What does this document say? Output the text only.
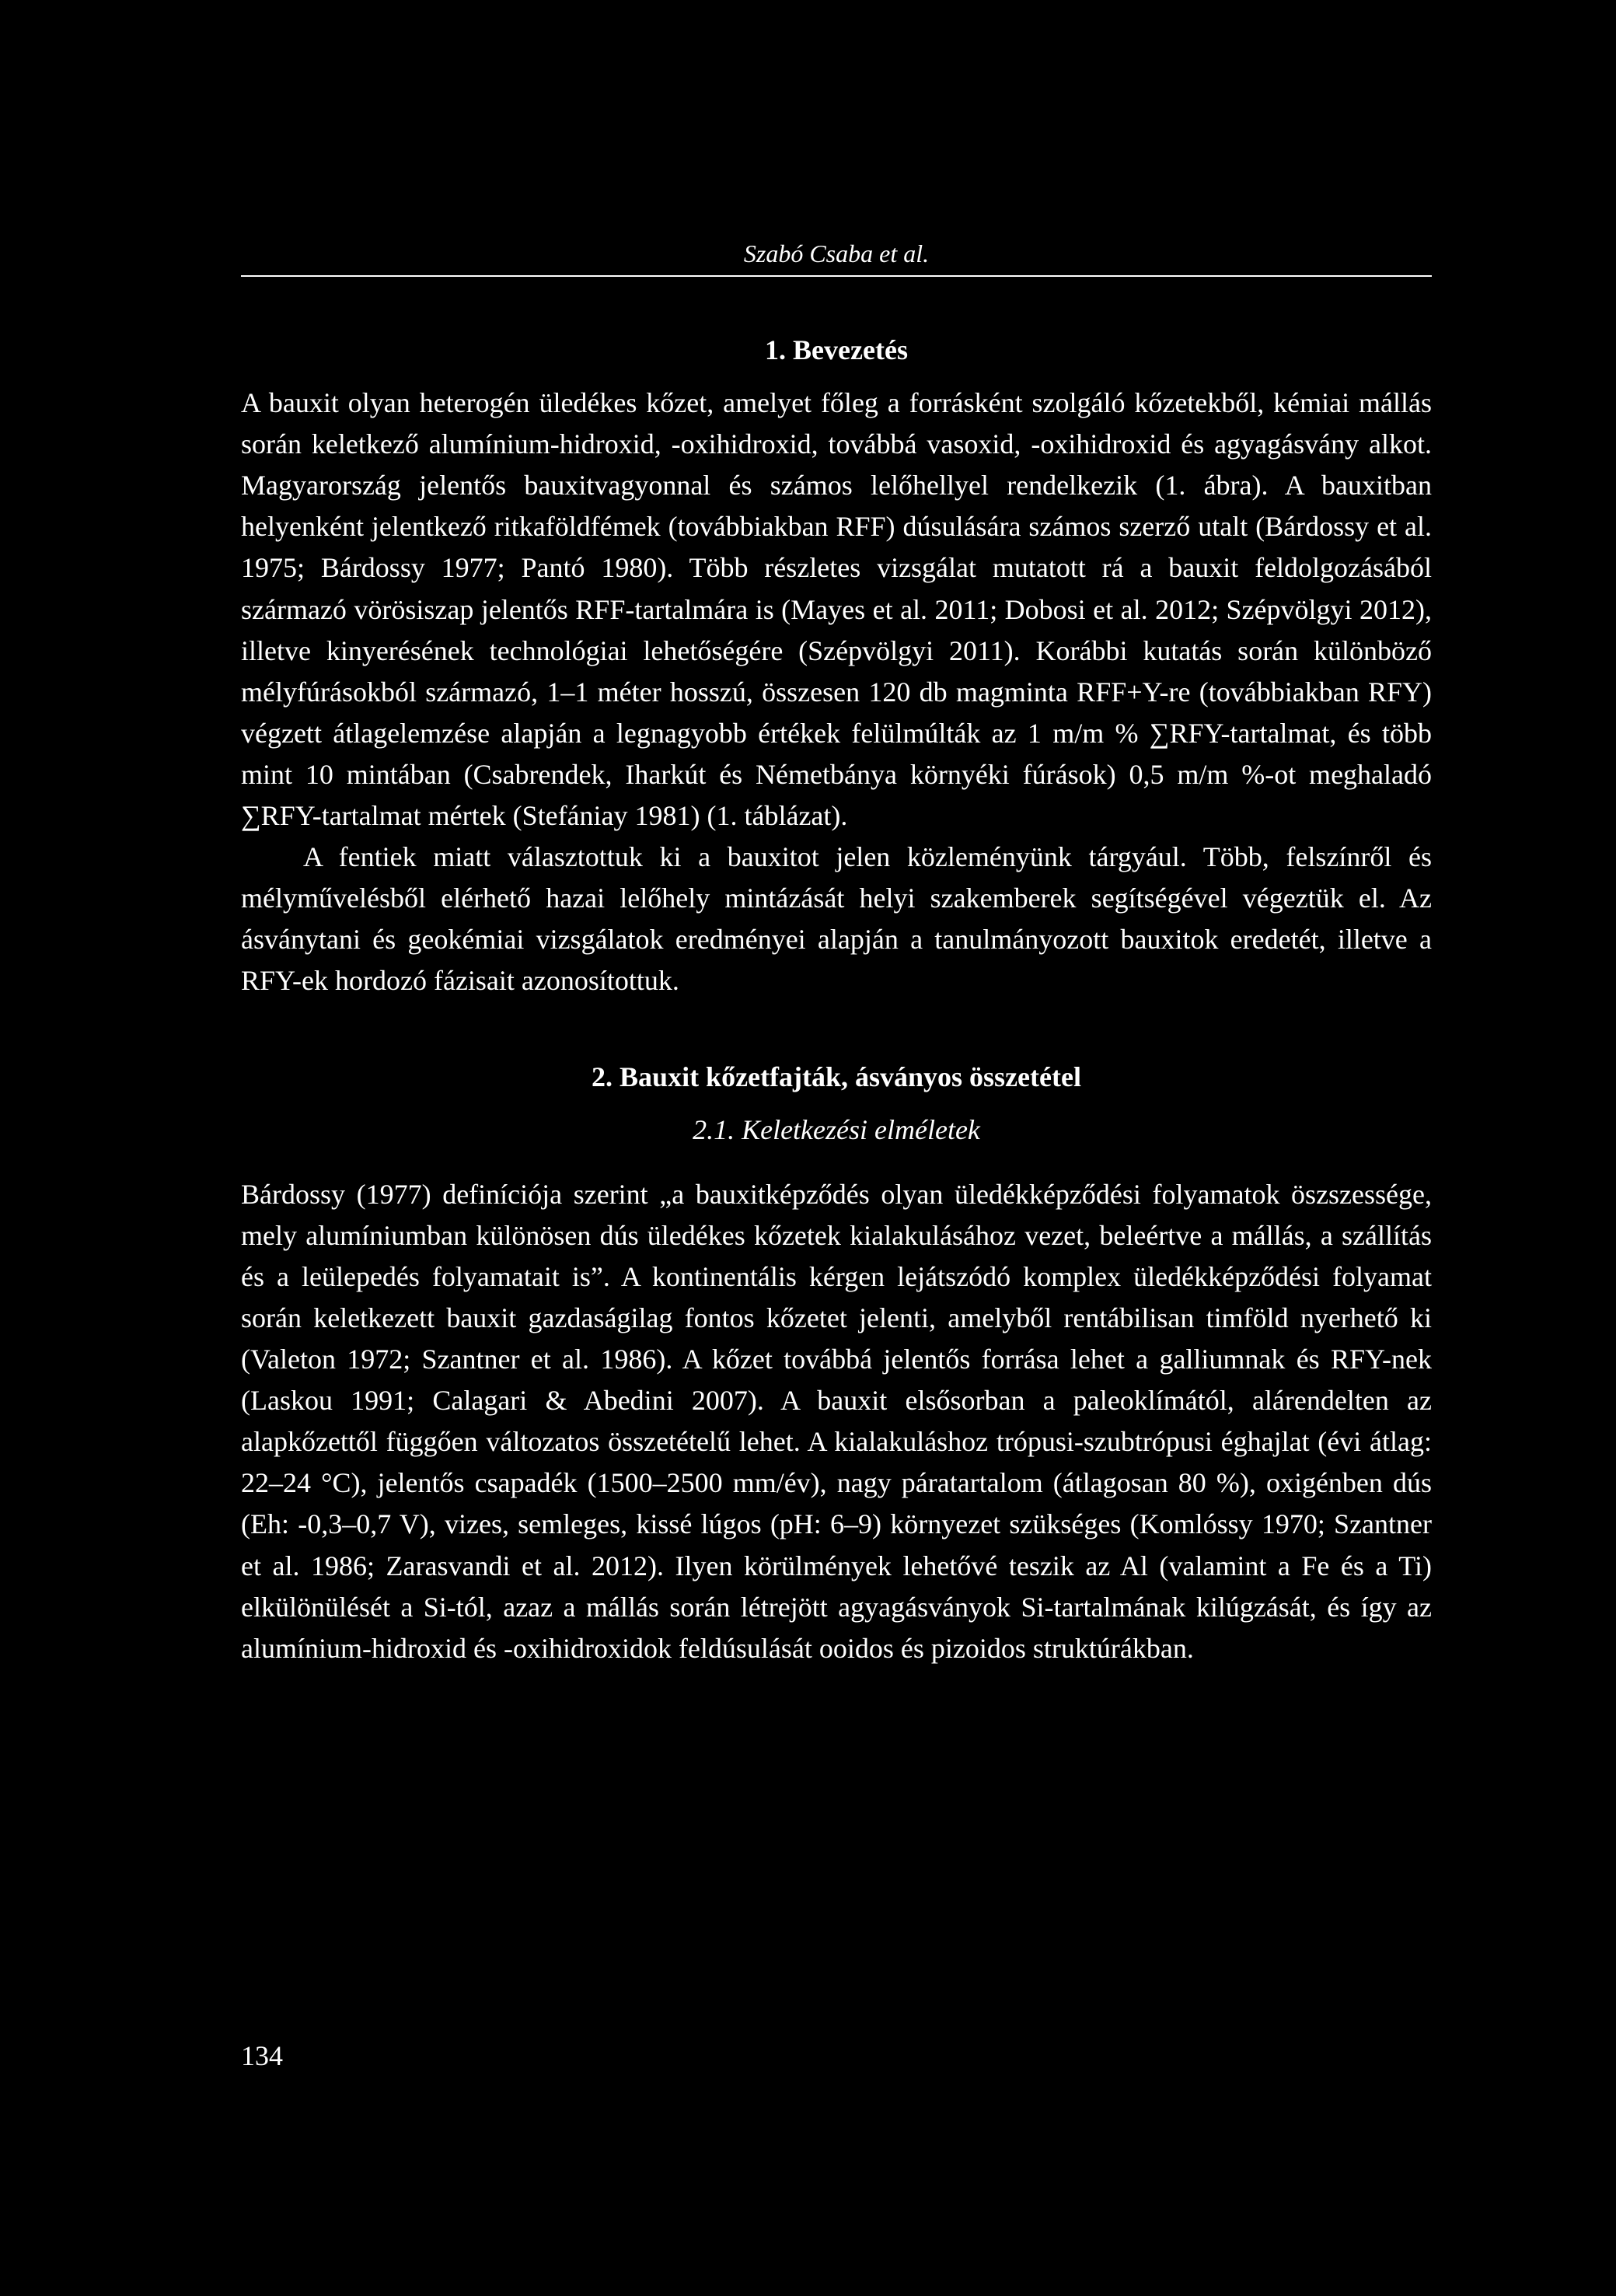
Szabó Csaba et al.
1. Bevezetés

A bauxit olyan heterogén üledékes kőzet, amelyet főleg a forrásként szolgáló kőzetekből, kémiai mállás során keletkező alumínium-hidroxid, -oxihidroxid, továbbá vasoxid, -oxihidroxid és agyagásvány alkot. Magyarország jelentős bauxitvagyonnal és számos lelőhellyel rendelkezik (1. ábra). A bauxitban helyenként jelentkező ritkaföldfémek (továbbiakban RFF) dúsulására számos szerző utalt (Bárdossy et al. 1975; Bárdossy 1977; Pantó 1980). Több részletes vizsgálat mutatott rá a bauxit feldolgozásából származó vörösiszap jelentős RFF-tartalmára is (Mayes et al. 2011; Dobosi et al. 2012; Szépvölgyi 2012), illetve kinyerésének technológiai lehetőségére (Szépvölgyi 2011). Korábbi kutatás során különböző mélyfúrásokból származó, 1–1 méter hosszú, összesen 120 db magminta RFF+Y-re (továbbiakban RFY) végzett átlagelemzése alapján a legnagyobb értékek felülmúlták az 1 m/m % ∑RFY-tartalmat, és több mint 10 mintában (Csabrendek, Iharkút és Németbánya környéki fúrások) 0,5 m/m %-ot meghaladó ∑RFY-tartalmat mértek (Stefániay 1981) (1. táblázat).

A fentiek miatt választottuk ki a bauxitot jelen közleményünk tárgyául. Több, felszínről és mélyművelésből elérhető hazai lelőhely mintázását helyi szakemberek segítségével végeztük el. Az ásványtani és geokémiai vizsgálatok eredményei alapján a tanulmányozott bauxitok eredetét, illetve a RFY-ek hordozó fázisait azonosítottuk.

2. Bauxit kőzetfajták, ásványos összetétel
2.1. Keletkezési elméletek

Bárdossy (1977) definíciója szerint „a bauxitképződés olyan üledékképződési folyamatok öszszessége, mely alumíniumban különösen dús üledékes kőzetek kialakulásához vezet, beleértve a mállás, a szállítás és a leülepedés folyamatait is”. A kontinentális kérgen lejátszódó komplex üledékképződési folyamat során keletkezett bauxit gazdaságilag fontos kőzetet jelenti, amelyből rentábilisan timföld nyerhető ki (Valeton 1972; Szantner et al. 1986). A kőzet továbbá jelentős forrása lehet a galliumnak és RFY-nek (Laskou 1991; Calagari & Abedini 2007). A bauxit elsősorban a paleoklímától, alárendelten az alapkőzettől függően változatos összetételű lehet. A kialakuláshoz trópusi-szubtrópusi éghajlat (évi átlag: 22–24 °C), jelentős csapadék (1500–2500 mm/év), nagy páratartalom (átlagosan 80 %), oxigénben dús (Eh: -0,3–0,7 V), vizes, semleges, kissé lúgos (pH: 6–9) környezet szükséges (Komlóssy 1970; Szantner et al. 1986; Zarasvandi et al. 2012). Ilyen körülmények lehetővé teszik az Al (valamint a Fe és a Ti) elkülönülését a Si-tól, azaz a mállás során létrejött agyagásványok Si-tartalmának kilúgzását, és így az alumínium-hidroxid és -oxihidroxidok feldúsulását ooidos és pizoidos struktúrákban.

134
